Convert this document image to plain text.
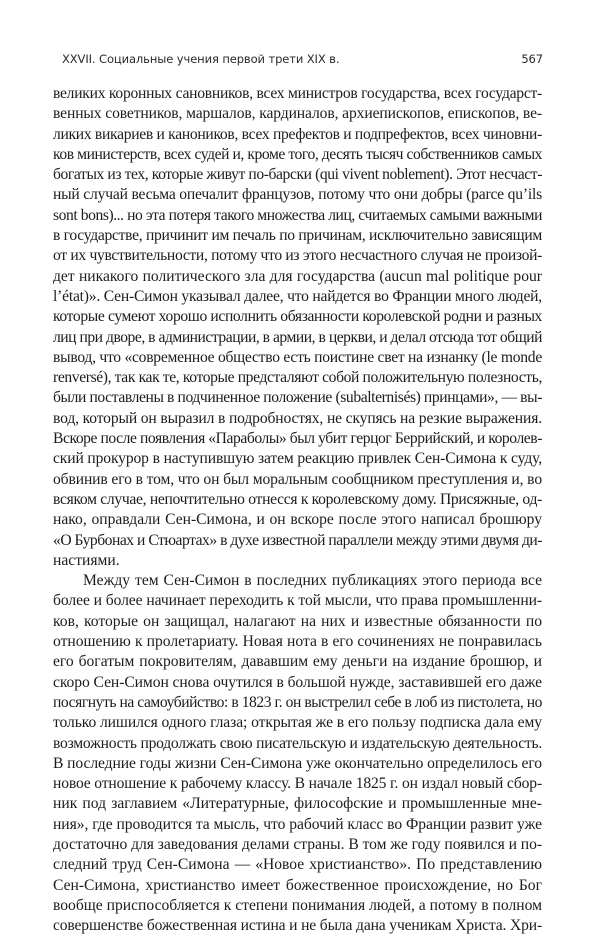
XXVII. Социальные учения первой трети XIX в.	567
великих коронных сановников, всех министров государства, всех государст-
венных советников, маршалов, кардиналов, архиепископов, епископов, ве-
ликих викариев и каноников, всех префектов и подпрефектов, всех чиновни-
ков министерств, всех судей и, кроме того, десять тысяч собственников самых
богатых из тех, которые живут по-барски (qui vivent noblement). Этот несчаст-
ный случай весьма опечалит французов, потому что они добры (parce qu’ils
sont bons)... но эта потеря такого множества лиц, считаемых самыми важными
в государстве, причинит им печаль по причинам, исключительно зависящим
от их чувствительности, потому что из этого несчастного случая не произой-
дет никакого политического зла для государства (aucun mal politique pour
l’état)». Сен-Симон указывал далее, что найдется во Франции много людей,
которые сумеют хорошо исполнить обязанности королевской родни и разных
лиц при дворе, в администрации, в армии, в церкви, и делал отсюда тот общий
вывод, что «современное общество есть поистине свет на изнанку (le monde
renversé), так как те, которые предсталяют собой положительную полезность,
были поставлены в подчиненное положение (subalternisés) принцами», — вы-
вод, который он выразил в подробностях, не скупясь на резкие выражения.
Вскоре после появления «Параболы» был убит герцог Беррийский, и королев-
ский прокурор в наступившую затем реакцию привлек Сен-Симона к суду,
обвинив его в том, что он был моральным сообщником преступления и, во
всяком случае, непочтительно отнесся к королевскому дому. Присяжные, од-
нако, оправдали Сен-Симона, и он вскоре после этого написал брошюру
«О Бурбонах и Стюартах» в духе известной параллели между этими двумя ди-
настиями.
Между тем Сен-Симон в последних публикациях этого периода все
более и более начинает переходить к той мысли, что права промышленни-
ков, которые он защищал, налагают на них и известные обязанности по
отношению к пролетариату. Новая нота в его сочинениях не понравилась
его богатым покровителям, дававшим ему деньги на издание брошюр, и
скоро Сен-Симон снова очутился в большой нужде, заставившей его даже
посягнуть на самоубийство: в 1823 г. он выстрелил себе в лоб из пистолета, но
только лишился одного глаза; открытая же в его пользу подписка дала ему
возможность продолжать свою писательскую и издательскую деятельность.
В последние годы жизни Сен-Симона уже окончательно определилось его
новое отношение к рабочему классу. В начале 1825 г. он издал новый сбор-
ник под заглавием «Литературные, философские и промышленные мне-
ния», где проводится та мысль, что рабочий класс во Франции развит уже
достаточно для заведования делами страны. В том же году появился и по-
следний труд Сен-Симона — «Новое христианство». По представлению
Сен-Симона, христианство имеет божественное происхождение, но Бог
вообще приспособляется к степени понимания людей, а потому в полном
совершенстве божественная истина и не была дана ученикам Христа. Хри-
